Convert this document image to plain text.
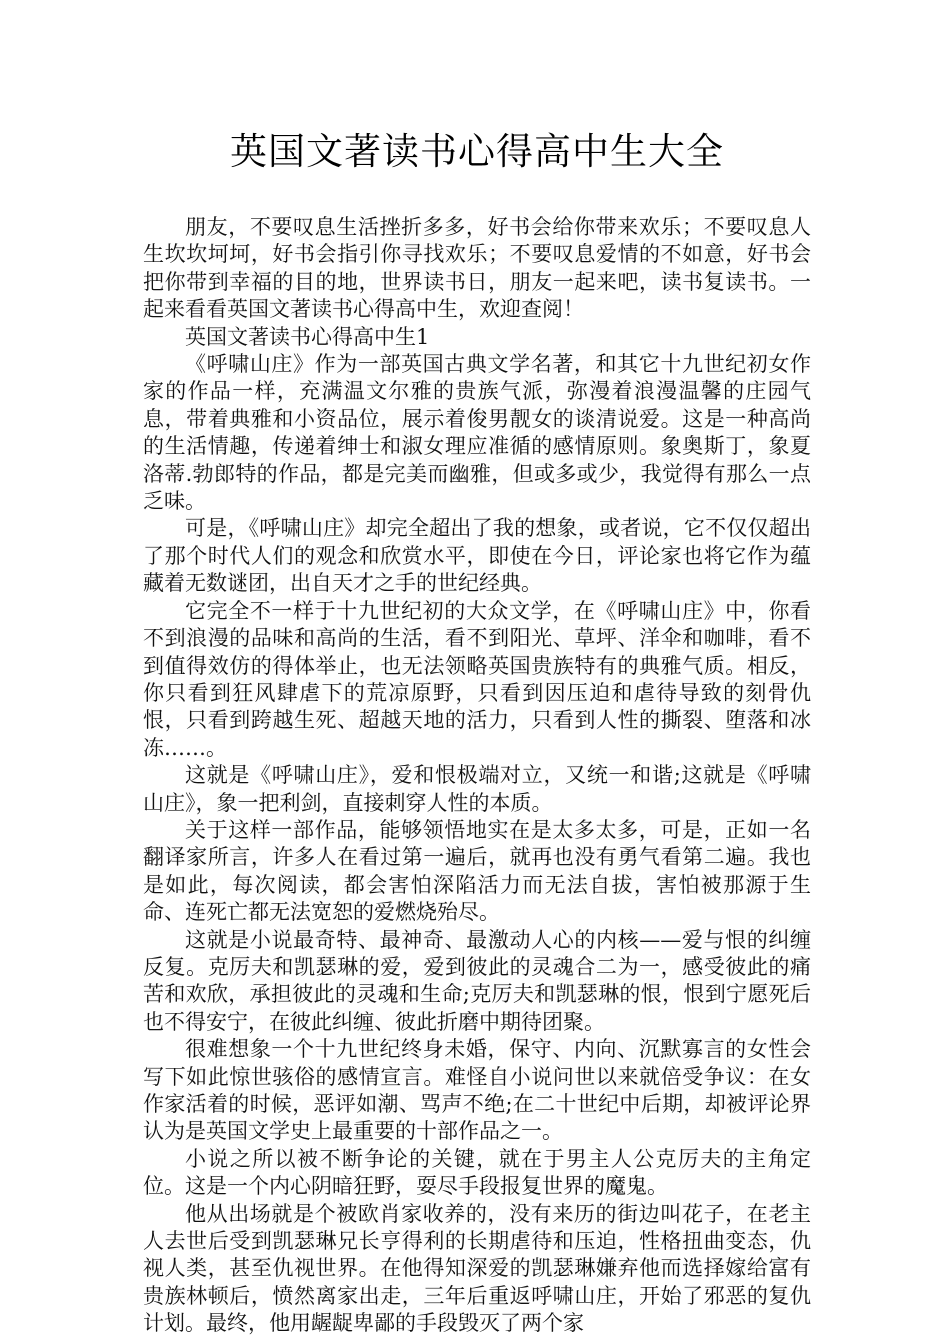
英国文著读书心得高中生大全

朋友，不要叹息生活挫折多多，好书会给你带来欢乐；不要叹息人生坎坎坷坷，好书会指引你寻找欢乐；不要叹息爱情的不如意，好书会把你带到幸福的目的地，世界读书日，朋友一起来吧，读书复读书。一起来看看英国文著读书心得高中生，欢迎查阅！

英国文著读书心得高中生1

《呼啸山庄》作为一部英国古典文学名著，和其它十九世纪初女作家的作品一样，充满温文尔雅的贵族气派，弥漫着浪漫温馨的庄园气息，带着典雅和小资品位，展示着俊男靓女的谈清说爱。这是一种高尚的生活情趣，传递着绅士和淑女理应准循的感情原则。象奥斯丁，象夏洛蒂.勃郎特的作品，都是完美而幽雅，但或多或少，我觉得有那么一点乏味。

可是，《呼啸山庄》却完全超出了我的想象，或者说，它不仅仅超出了那个时代人们的观念和欣赏水平，即使在今日，评论家也将它作为蕴藏着无数谜团，出自天才之手的世纪经典。

它完全不一样于十九世纪初的大众文学，在《呼啸山庄》中，你看不到浪漫的品味和高尚的生活，看不到阳光、草坪、洋伞和咖啡，看不到值得效仿的得体举止，也无法领略英国贵族特有的典雅气质。相反，你只看到狂风肆虐下的荒凉原野，只看到因压迫和虐待导致的刻骨仇恨，只看到跨越生死、超越天地的活力，只看到人性的撕裂、堕落和冰冻……。

这就是《呼啸山庄》，爱和恨极端对立，又统一和谐;这就是《呼啸山庄》，象一把利剑，直接刺穿人性的本质。

关于这样一部作品，能够领悟地实在是太多太多，可是，正如一名翻译家所言，许多人在看过第一遍后，就再也没有勇气看第二遍。我也是如此，每次阅读，都会害怕深陷活力而无法自拔，害怕被那源于生命、连死亡都无法宽恕的爱燃烧殆尽。

这就是小说最奇特、最神奇、最激动人心的内核——爱与恨的纠缠反复。克厉夫和凯瑟琳的爱，爱到彼此的灵魂合二为一，感受彼此的痛苦和欢欣，承担彼此的灵魂和生命;克厉夫和凯瑟琳的恨，恨到宁愿死后也不得安宁，在彼此纠缠、彼此折磨中期待团聚。

很难想象一个十九世纪终身未婚，保守、内向、沉默寡言的女性会写下如此惊世骇俗的感情宣言。难怪自小说问世以来就倍受争议：在女作家活着的时候，恶评如潮、骂声不绝;在二十世纪中后期，却被评论界认为是英国文学史上最重要的十部作品之一。

小说之所以被不断争论的关键，就在于男主人公克厉夫的主角定位。这是一个内心阴暗狂野，耍尽手段报复世界的魔鬼。

他从出场就是个被欧肖家收养的，没有来历的街边叫花子，在老主人去世后受到凯瑟琳兄长亨得利的长期虐待和压迫，性格扭曲变态，仇视人类，甚至仇视世界。在他得知深爱的凯瑟琳嫌弃他而选择嫁给富有贵族林顿后，愤然离家出走，三年后重返呼啸山庄，开始了邪恶的复仇计划。最终，他用龌龊卑鄙的手段毁灭了两个家
